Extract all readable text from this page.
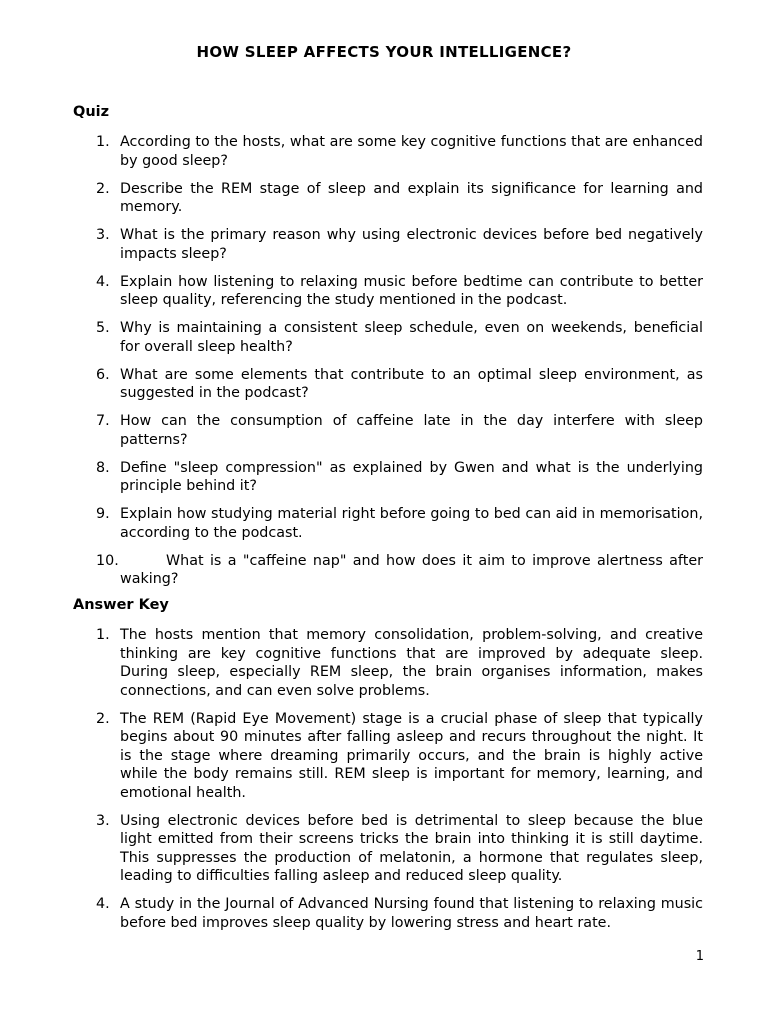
HOW SLEEP AFFECTS YOUR INTELLIGENCE?
Quiz
1. According to the hosts, what are some key cognitive functions that are enhanced by good sleep?
2. Describe the REM stage of sleep and explain its significance for learning and memory.
3. What is the primary reason why using electronic devices before bed negatively impacts sleep?
4. Explain how listening to relaxing music before bedtime can contribute to better sleep quality, referencing the study mentioned in the podcast.
5. Why is maintaining a consistent sleep schedule, even on weekends, beneficial for overall sleep health?
6. What are some elements that contribute to an optimal sleep environment, as suggested in the podcast?
7. How can the consumption of caffeine late in the day interfere with sleep patterns?
8. Define "sleep compression" as explained by Gwen and what is the underlying principle behind it?
9. Explain how studying material right before going to bed can aid in memorisation, according to the podcast.
10.	What is a "caffeine nap" and how does it aim to improve alertness after waking?
Answer Key
1. The hosts mention that memory consolidation, problem-solving, and creative thinking are key cognitive functions that are improved by adequate sleep. During sleep, especially REM sleep, the brain organises information, makes connections, and can even solve problems.
2. The REM (Rapid Eye Movement) stage is a crucial phase of sleep that typically begins about 90 minutes after falling asleep and recurs throughout the night. It is the stage where dreaming primarily occurs, and the brain is highly active while the body remains still. REM sleep is important for memory, learning, and emotional health.
3. Using electronic devices before bed is detrimental to sleep because the blue light emitted from their screens tricks the brain into thinking it is still daytime. This suppresses the production of melatonin, a hormone that regulates sleep, leading to difficulties falling asleep and reduced sleep quality.
4. A study in the Journal of Advanced Nursing found that listening to relaxing music before bed improves sleep quality by lowering stress and heart rate.
1
